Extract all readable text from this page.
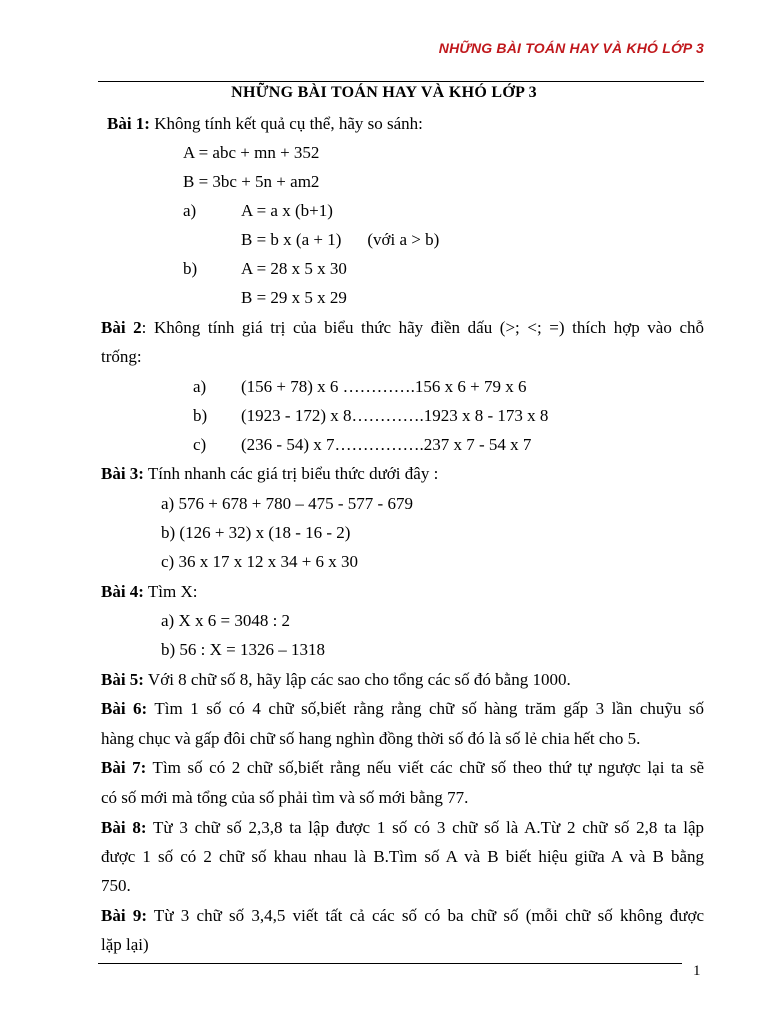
NHỮNG BÀI TOÁN HAY VÀ KHÓ LỚP 3
NHỮNG BÀI TOÁN HAY VÀ KHÓ LỚP 3
Bài 1: Không tính kết quả cụ thể, hãy so sánh:
A = abc + mn + 352
B = 3bc + 5n + am2
a)	A = a x (b+1)
B = b x (a + 1) (với a > b)
b)	A = 28 x 5 x 30
B = 29 x 5 x 29
Bài 2: Không tính giá trị của biểu thức hãy điền dấu (>; <; =) thích hợp vào chỗ
trống:
a) (156 + 78) x 6 ………….156 x 6 + 79 x 6
b) (1923 - 172) x 8………….1923 x 8 - 173 x 8
c) (236 - 54) x 7…………….237 x 7 - 54 x 7
Bài 3: Tính nhanh các giá trị biểu thức dưới đây :
a) 576 + 678 + 780 – 475 - 577 - 679
b) (126 + 32) x (18 - 16 - 2)
c) 36 x 17 x 12 x 34 + 6 x 30
Bài 4: Tìm X:
a) X x 6 = 3048 : 2
b) 56 : X = 1326 – 1318
Bài 5: Với 8 chữ số 8, hãy lập các sao cho tổng các số đó bằng 1000.
Bài 6: Tìm 1 số có 4 chữ số,biết rằng rằng chữ số hàng trăm gấp 3 lần chuỹu số
hàng chục và gấp đôi chữ số hang nghìn đồng thời số đó là số lẻ chia hết cho 5.
Bài 7: Tìm số có 2 chữ số,biết rằng nếu viết các chữ số theo thứ tự ngược lại ta sẽ
có số mới mà tổng của số phải tìm và số mới bằng 77.
Bài 8: Từ 3 chữ số 2,3,8 ta lập được 1 số có 3 chữ số là A.Từ 2 chữ số 2,8 ta lập
được 1 số có 2 chữ số khau nhau là B.Tìm số A và B biết hiệu giữa A và B bằng
750.
Bài 9: Từ 3 chữ số 3,4,5 viết tất cả các số có ba chữ số (mỗi chữ số không được
lặp lại)
1
